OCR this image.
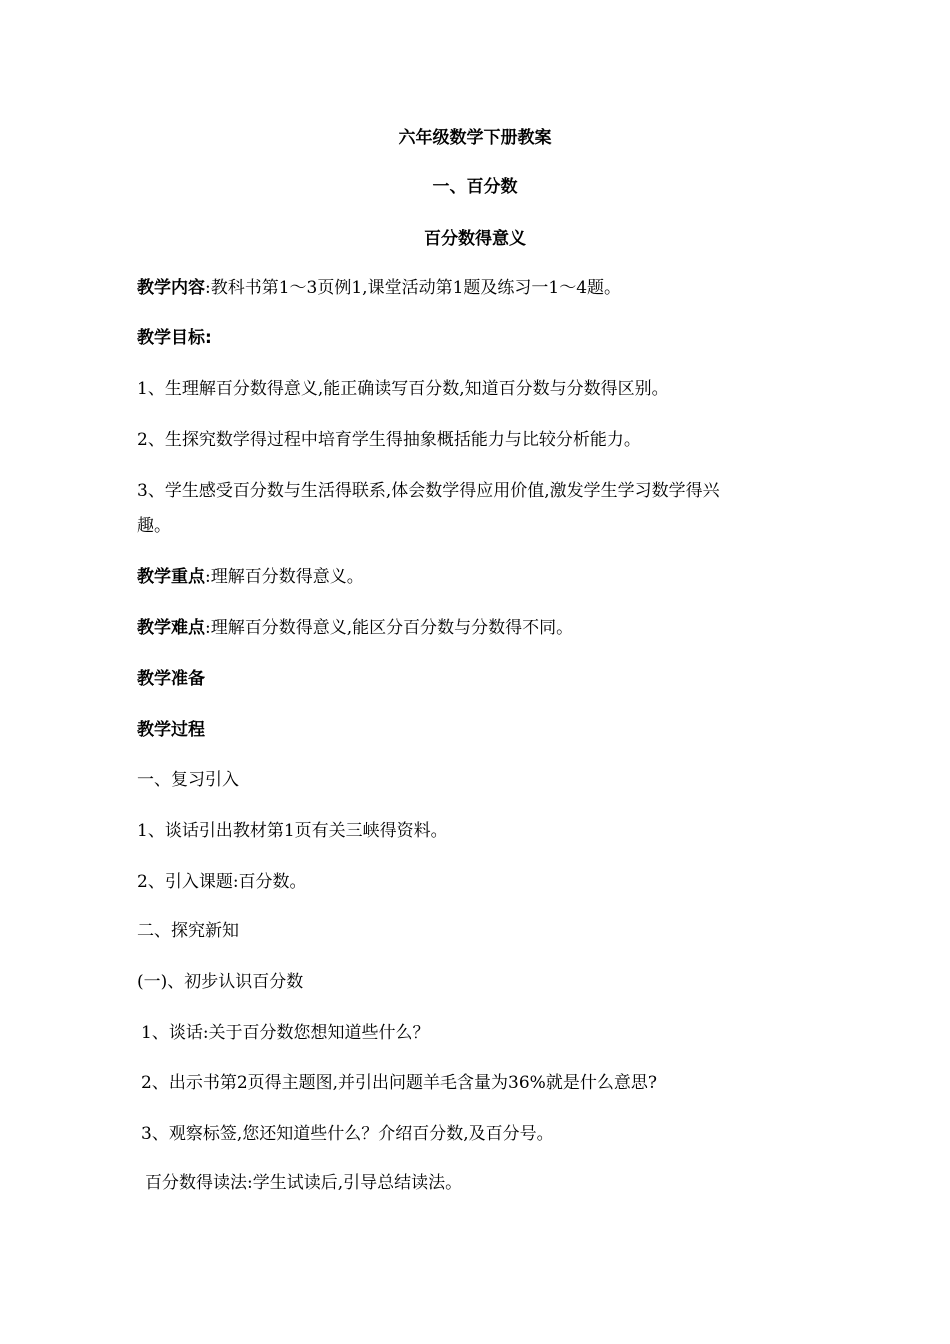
六年级数学下册教案
一、百分数
百分数得意义
教学内容:教科书第1～3页例1,课堂活动第1题及练习一1～4题。
教学目标:
1、生理解百分数得意义,能正确读写百分数,知道百分数与分数得区别。
2、生探究数学得过程中培育学生得抽象概括能力与比较分析能力。
3、学生感受百分数与生活得联系,体会数学得应用价值,激发学生学习数学得兴
趣。
教学重点:理解百分数得意义。
教学难点:理解百分数得意义,能区分百分数与分数得不同。
教学准备
教学过程
一、复习引入
1、谈话引出教材第1页有关三峡得资料。
2、引入课题:百分数。
二、探究新知
(一)、初步认识百分数
1、谈话:关于百分数您想知道些什么？
2、出示书第2页得主题图,并引出问题羊毛含量为36%就是什么意思?
3、观察标签,您还知道些什么？介绍百分数,及百分号。
百分数得读法:学生试读后,引导总结读法。
